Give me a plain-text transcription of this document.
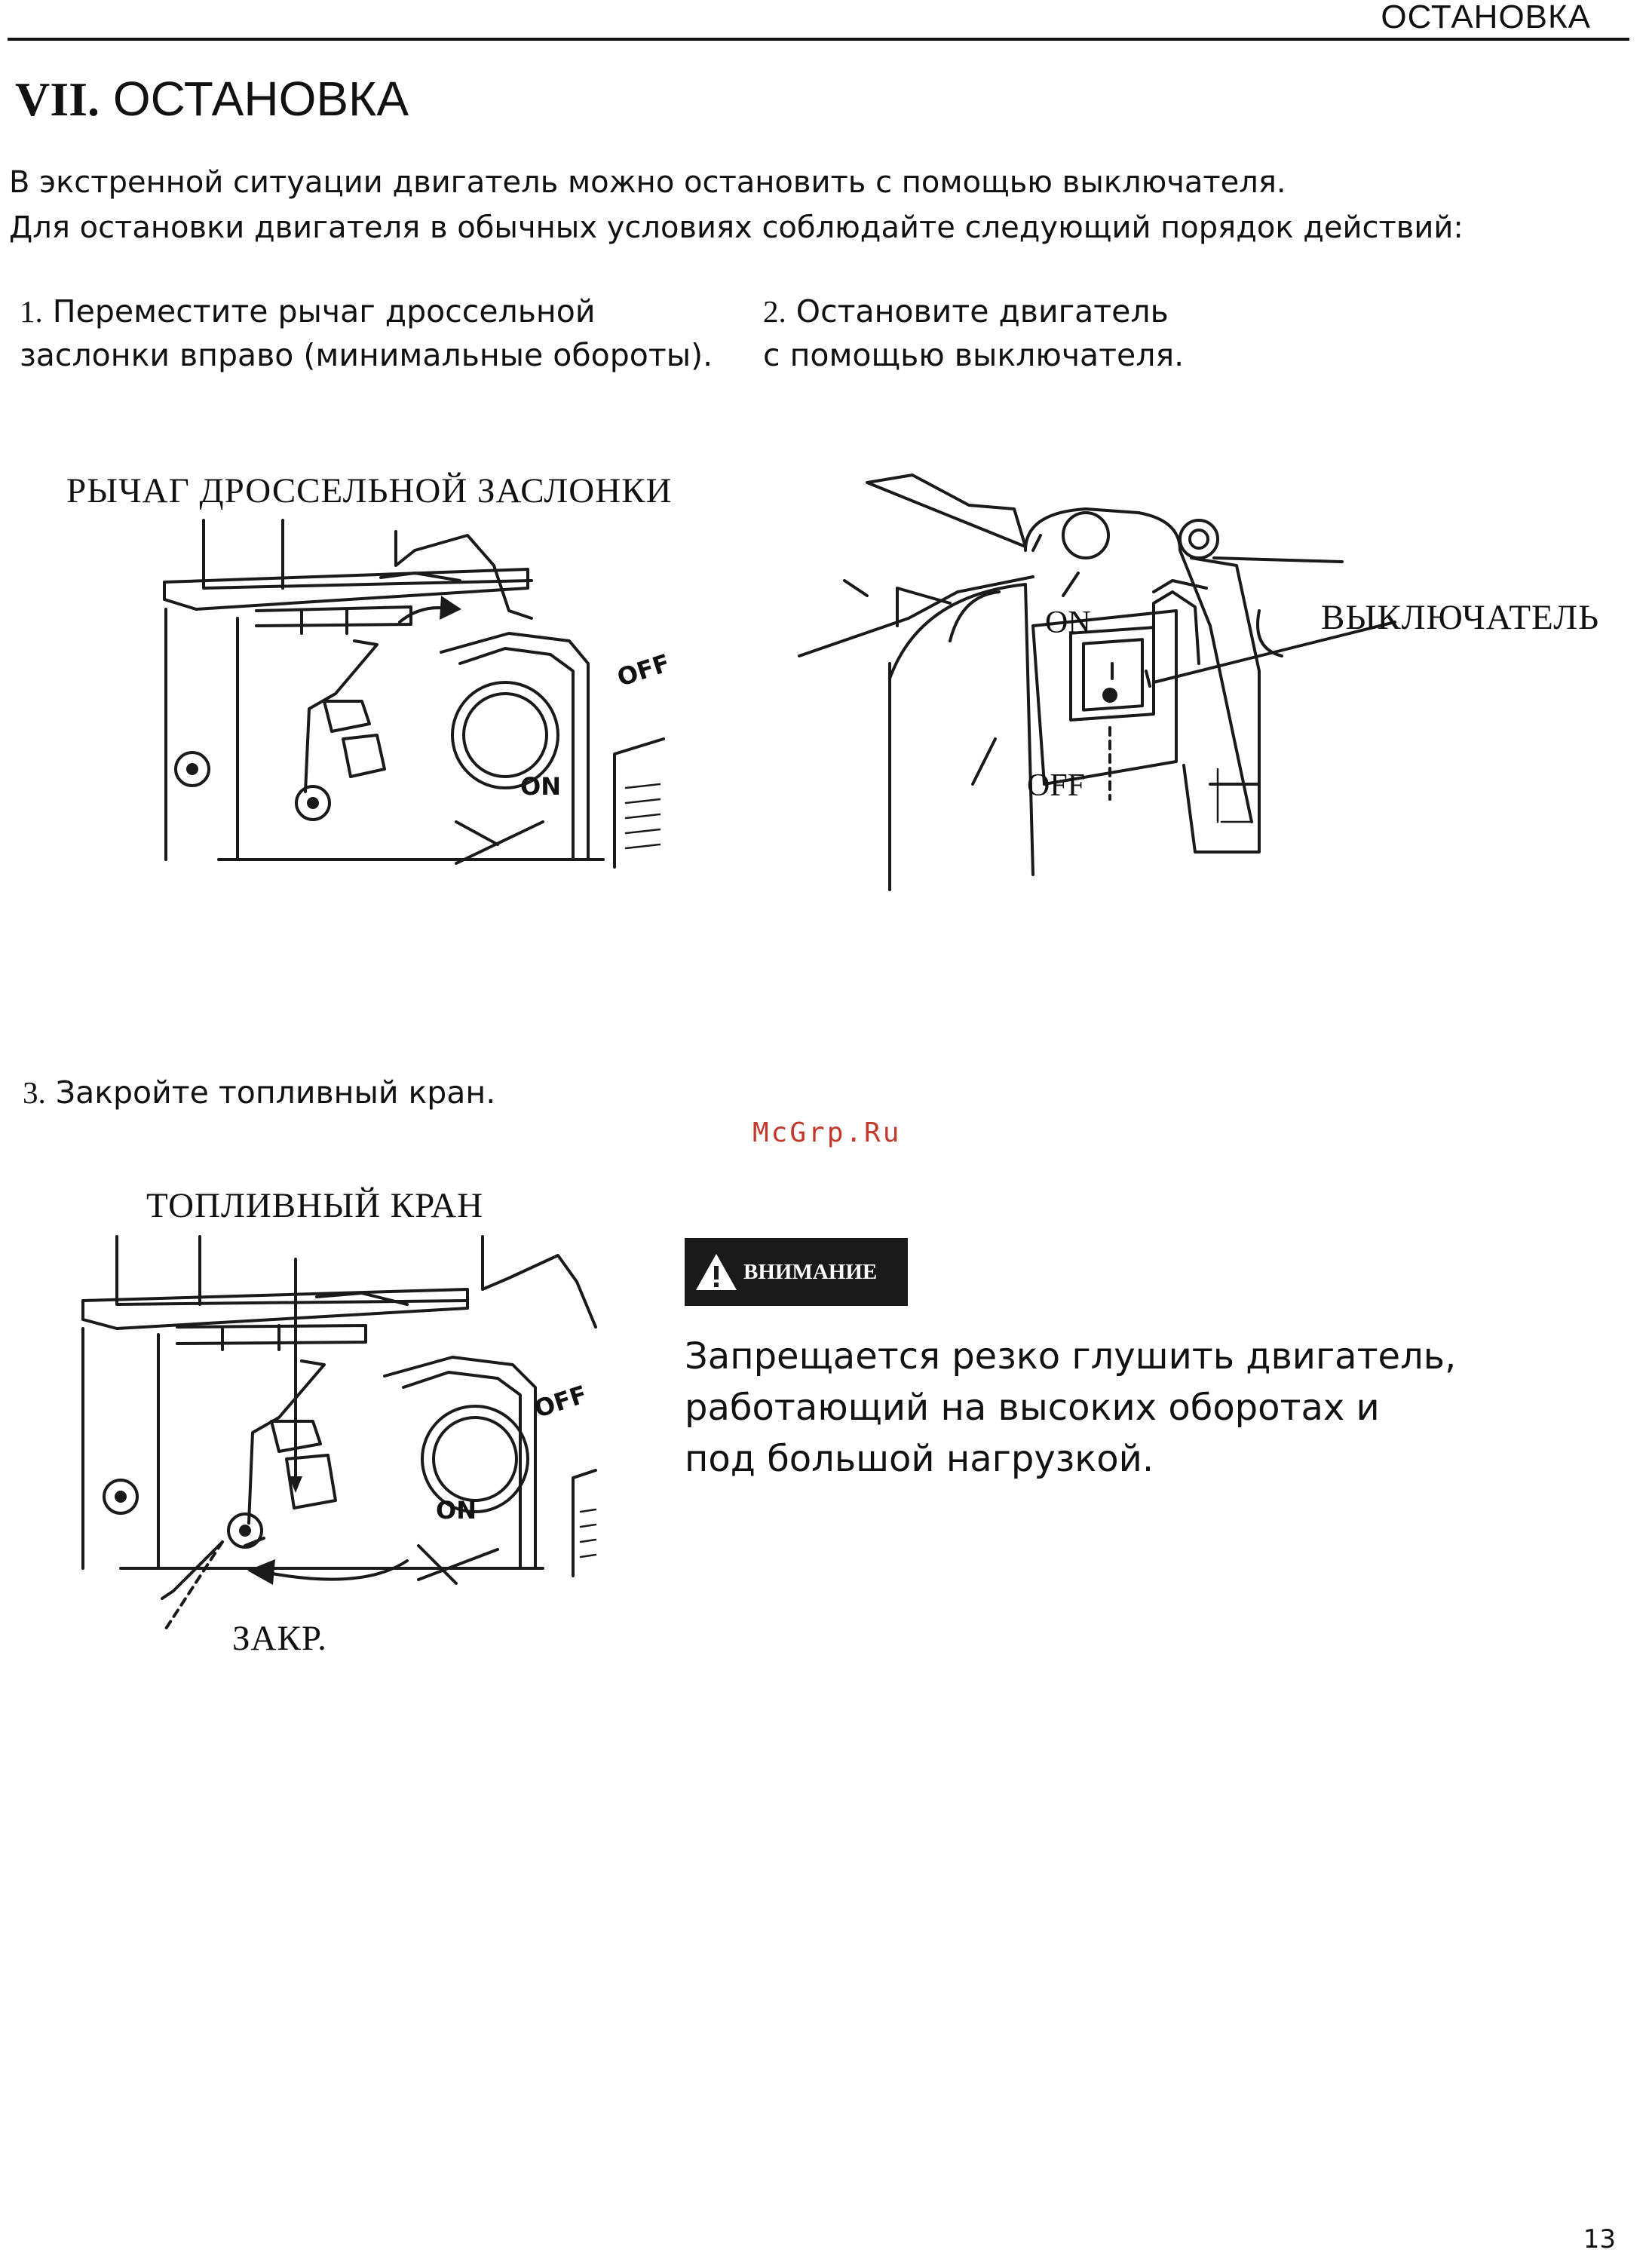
ОСТАНОВКА
VII. ОСТАНОВКА
В экстренной ситуации двигатель можно остановить с помощью выключателя.
Для остановки двигателя в обычных условиях соблюдайте следующий порядок действий:
1. Переместите рычаг дроссельной
заслонки вправо (минимальные обороты).
2. Остановите двигатель
с помощью выключателя.
РЫЧАГ ДРОССЕЛЬНОЙ ЗАСЛОНКИ
OFF
ON
ВЫКЛЮЧАТЕЛЬ
ON
OFF
3. Закройте топливный кран.
McGrp.Ru
ТОПЛИВНЫЙ КРАН
OFF
ON
ЗАКР.
ВНИМАНИЕ
Запрещается резко глушить двигатель,
работающий на высоких оборотах и
под большой нагрузкой.
13
